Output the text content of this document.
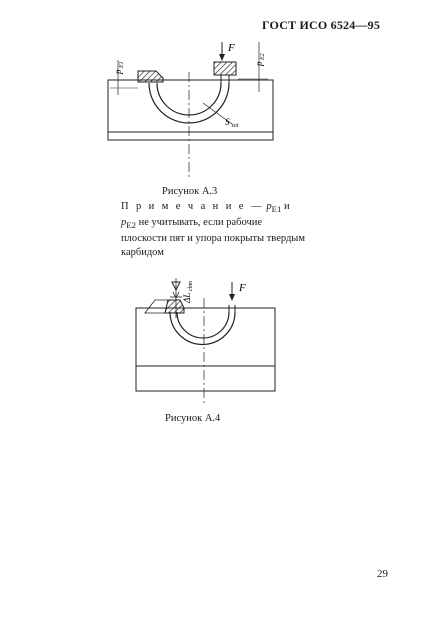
ГОСТ ИСО 6524—95
F
p
E1	p
E2
S tot
Рисунок А.3
П р и м е ч а н и е — $p_{E1}$ и $p_{E2}$ не учитывать, если рабочие плоскости пят и упора покрыты твердым карбидом
F
ΔL
cbm
Рисунок А.4
29
